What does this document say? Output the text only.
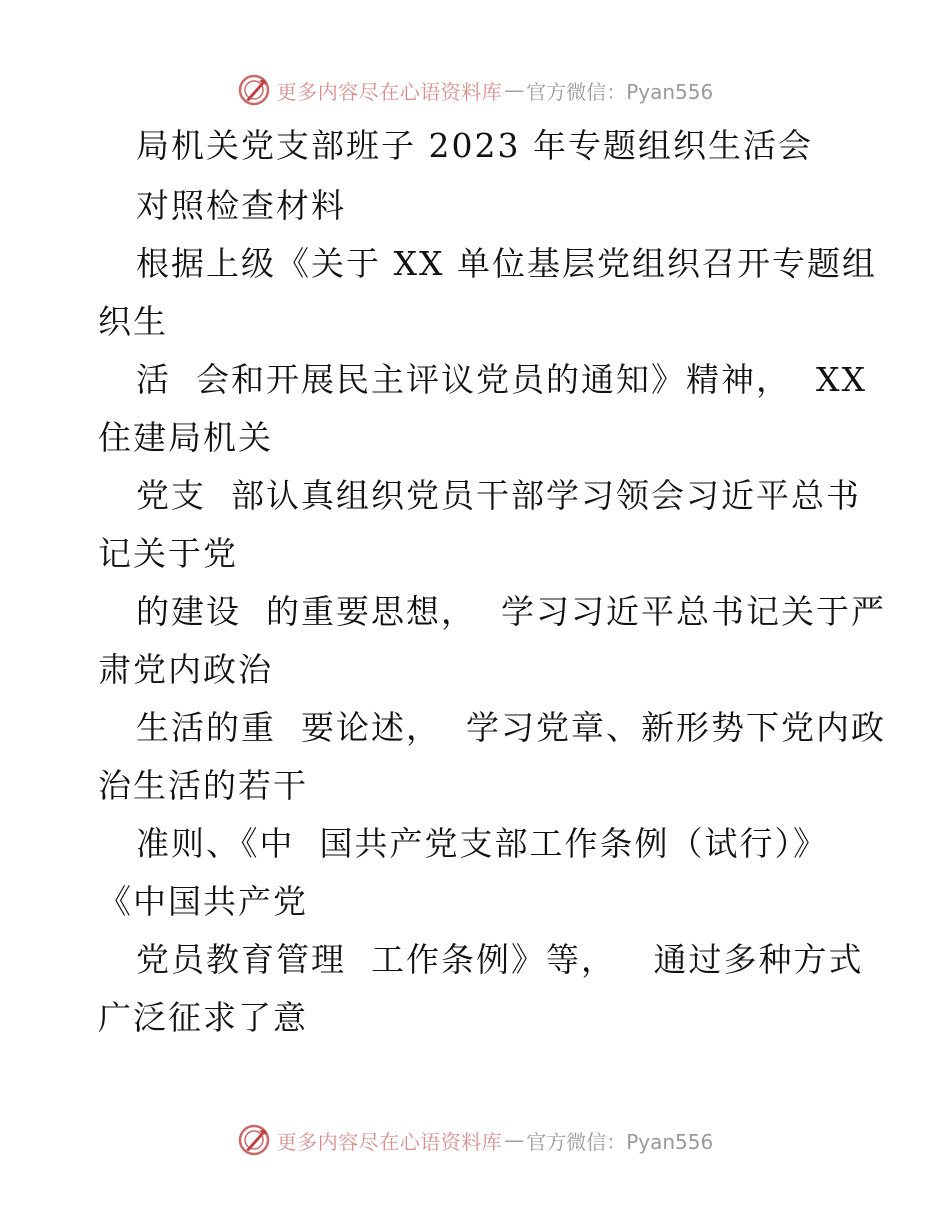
更多内容尽在心语资料库 — 官方微信：Pyan556
局机关党支部班子 2023 年专题组织生活会
对照检查材料
根据上级《关于 XX 单位基层党组织召开专题组
织生
活  会和开展民主评议党员的通知》精神，  XX
住建局机关
党支  部认真组织党员干部学习领会习近平总书
记关于党
的建设  的重要思想，  学习习近平总书记关于严
肃党内政治
生活的重  要论述，  学习党章、新形势下党内政
治生活的若干
准则、《中  国共产党支部工作条例（试行）》
《中国共产党
党员教育管理  工作条例》等，   通过多种方式
广泛征求了意
更多内容尽在心语资料库 — 官方微信：Pyan556
